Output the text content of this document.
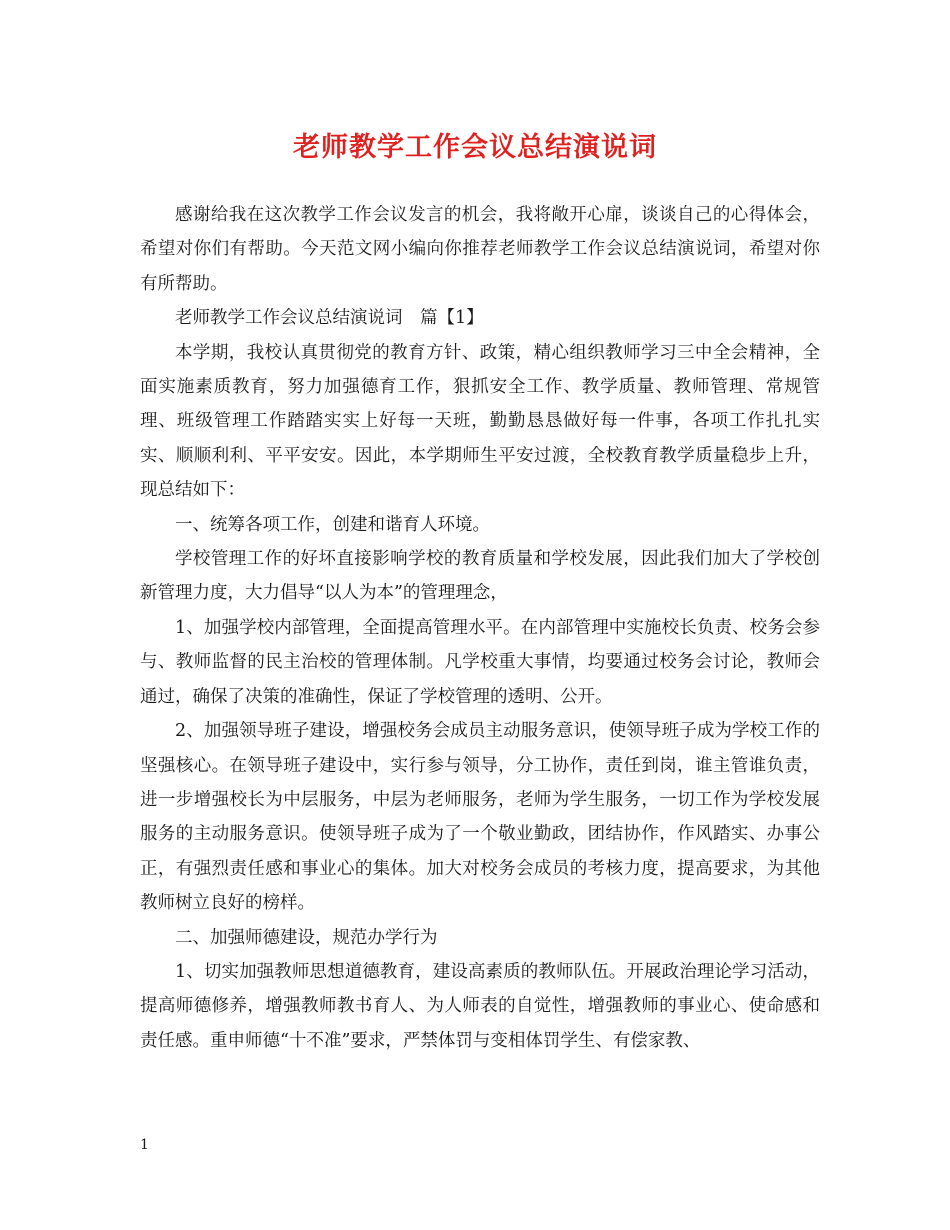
老师教学工作会议总结演说词

感谢给我在这次教学工作会议发言的机会，我将敞开心扉，谈谈自己的心得体会，希望对你们有帮助。今天范文网小编向你推荐老师教学工作会议总结演说词，希望对你有所帮助。

老师教学工作会议总结演说词　篇【1】

本学期，我校认真贯彻党的教育方针、政策，精心组织教师学习三中全会精神，全面实施素质教育，努力加强德育工作，狠抓安全工作、教学质量、教师管理、常规管理、班级管理工作踏踏实实上好每一天班，勤勤恳恳做好每一件事，各项工作扎扎实实、顺顺利利、平平安安。因此，本学期师生平安过渡，全校教育教学质量稳步上升，现总结如下：

一、统筹各项工作，创建和谐育人环境。

学校管理工作的好坏直接影响学校的教育质量和学校发展，因此我们加大了学校创新管理力度，大力倡导“以人为本”的管理理念，

1、加强学校内部管理，全面提高管理水平。在内部管理中实施校长负责、校务会参与、教师监督的民主治校的管理体制。凡学校重大事情，均要通过校务会讨论，教师会通过，确保了决策的准确性，保证了学校管理的透明、公开。

2、加强领导班子建设，增强校务会成员主动服务意识，使领导班子成为学校工作的坚强核心。在领导班子建设中，实行参与领导，分工协作，责任到岗，谁主管谁负责，进一步增强校长为中层服务，中层为老师服务，老师为学生服务，一切工作为学校发展服务的主动服务意识。使领导班子成为了一个敬业勤政，团结协作，作风踏实、办事公正，有强烈责任感和事业心的集体。加大对校务会成员的考核力度，提高要求，为其他教师树立良好的榜样。

二、加强师德建设，规范办学行为

1、切实加强教师思想道德教育，建设高素质的教师队伍。开展政治理论学习活动，提高师德修养，增强教师教书育人、为人师表的自觉性，增强教师的事业心、使命感和责任感。重申师德“十不准”要求，严禁体罚与变相体罚学生、有偿家教、

1
